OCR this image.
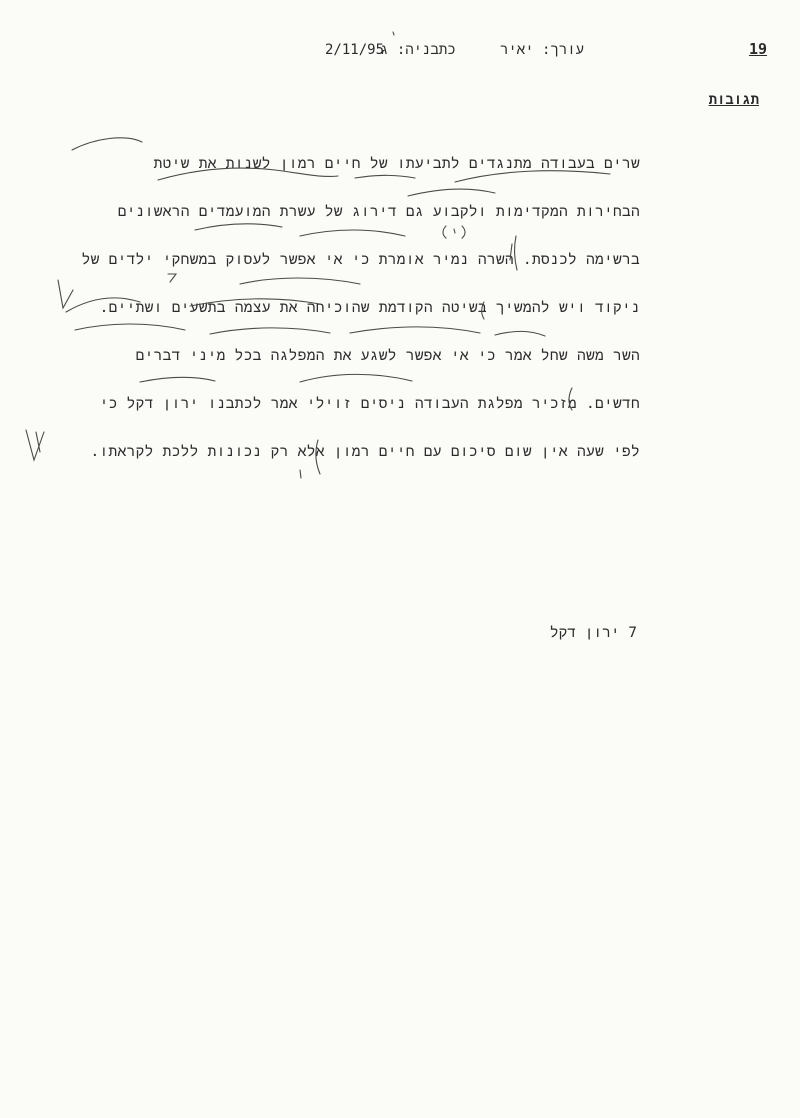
19
עורך: יאיר
כתבניה: ג
2/11/95
תגובות
שרים בעבודה מתנגדים לתביעתו של חיים רמון לשנות את שיטת
הבחירות המקדימות ולקבוע גם דירוג של עשרת המועמדים הראשונים
ברשימה לכנסת. השרה נמיר אומרת כי אי אפשר לעסוק במשחקי ילדים של
ניקוד ויש להמשיך בשיטה הקודמת שהוכיחה את עצמה בתשעים ושתיים.
השר משה שחל אמר כי אי אפשר לשגע את המפלגה בכל מיני דברים
חדשים. מזכיר מפלגת העבודה ניסים זוילי אמר לכתבנו ירון דקל כי
לפי שעה אין שום סיכום עם חיים רמון אלא רק נכונות ללכת לקראתו.
7 ירון דקל
